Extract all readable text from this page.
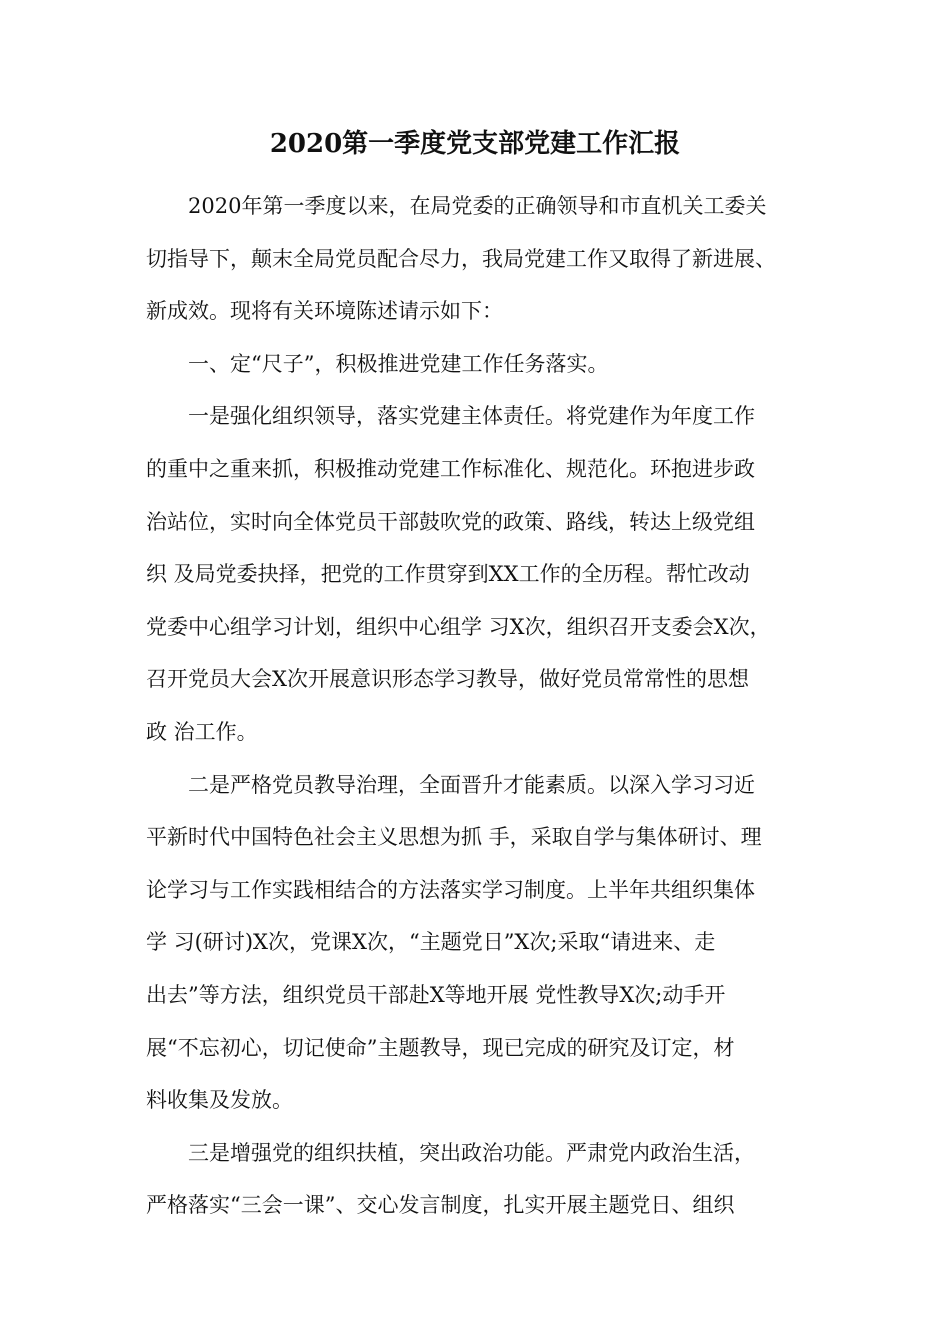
2020第一季度党支部党建工作汇报
2020年第一季度以来，在局党委的正确领导和市直机关工委关
切指导下，颠末全局党员配合尽力，我局党建工作又取得了新进展、
新成效。现将有关环境陈述请示如下：
一、定“尺子”，积极推进党建工作任务落实。
一是强化组织领导，落实党建主体责任。将党建作为年度工作
的重中之重来抓，积极推动党建工作标准化、规范化。环抱进步政
治站位，实时向全体党员干部鼓吹党的政策、路线，转达上级党组
织 及局党委抉择，把党的工作贯穿到XX工作的全历程。帮忙改动
党委中心组学习计划，组织中心组学 习X次，组织召开支委会X次，
召开党员大会X次开展意识形态学习教导，做好党员常常性的思想
政 治工作。
二是严格党员教导治理，全面晋升才能素质。以深入学习习近
平新时代中国特色社会主义思想为抓 手，采取自学与集体研讨、理
论学习与工作实践相结合的方法落实学习制度。上半年共组织集体
学 习(研讨)X次，党课X次，“主题党日”X次;采取“请进来、走
出去”等方法，组织党员干部赴X等地开展 党性教导X次;动手开
展“不忘初心，切记使命”主题教导，现已完成的研究及订定，材
料收集及发放。
三是增强党的组织扶植，突出政治功能。严肃党内政治生活，
严格落实“三会一课”、交心发言制度，扎实开展主题党日、组织
